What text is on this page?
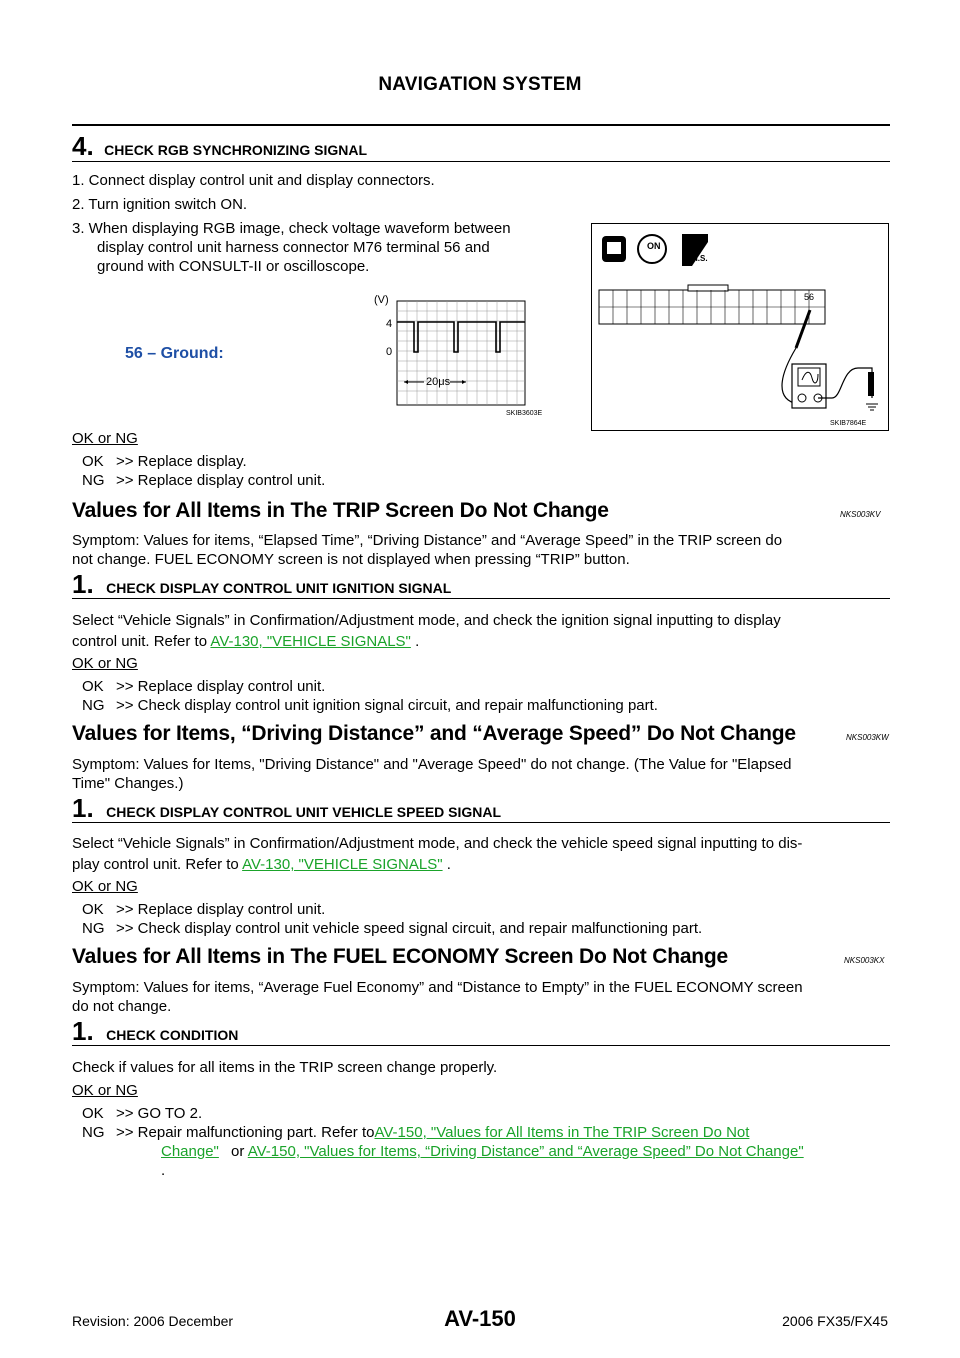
NAVIGATION SYSTEM
4. CHECK RGB SYNCHRONIZING SIGNAL
1. Connect display control unit and display connectors.
2. Turn ignition switch ON.
3. When displaying RGB image, check voltage waveform between
display control unit harness connector M76 terminal 56 and
ground with CONSULT-II or oscilloscope.
56 – Ground:
(V)
4
0
20μs
SKIB3603E
ON
H.S.
56
SKIB7864E
OK or NG
OK >> Replace display.
NG >> Replace display control unit.
Values for All Items in The TRIP Screen Do Not Change	NKS003KV
Symptom: Values for items, “Elapsed Time”, “Driving Distance” and “Average Speed” in the TRIP screen do
not change. FUEL ECONOMY screen is not displayed when pressing “TRIP” button.
1. CHECK DISPLAY CONTROL UNIT IGNITION SIGNAL
Select “Vehicle Signals” in Confirmation/Adjustment mode, and check the ignition signal inputting to display
control unit. Refer to AV-130, "VEHICLE SIGNALS" .
OK or NG
OK >> Replace display control unit.
NG >> Check display control unit ignition signal circuit, and repair malfunctioning part.
Values for Items, “Driving Distance” and “Average Speed” Do Not Change	NKS003KW
Symptom: Values for Items, "Driving Distance" and "Average Speed" do not change. (The Value for "Elapsed
Time" Changes.)
1. CHECK DISPLAY CONTROL UNIT VEHICLE SPEED SIGNAL
Select “Vehicle Signals” in Confirmation/Adjustment mode, and check the vehicle speed signal inputting to dis-
play control unit. Refer to AV-130, "VEHICLE SIGNALS" .
OK or NG
OK >> Replace display control unit.
NG >> Check display control unit vehicle speed signal circuit, and repair malfunctioning part.
Values for All Items in The FUEL ECONOMY Screen Do Not Change	NKS003KX
Symptom: Values for items, “Average Fuel Economy” and “Distance to Empty” in the FUEL ECONOMY screen
do not change.
1. CHECK CONDITION
Check if values for all items in the TRIP screen change properly.
OK or NG
OK >> GO TO 2.
NG >> Repair malfunctioning part. Refer toAV-150, "Values for All Items in The TRIP Screen Do Not
Change" or AV-150, "Values for Items, “Driving Distance” and “Average Speed” Do Not Change"
.
Revision: 2006 December	AV-150	2006 FX35/FX45
